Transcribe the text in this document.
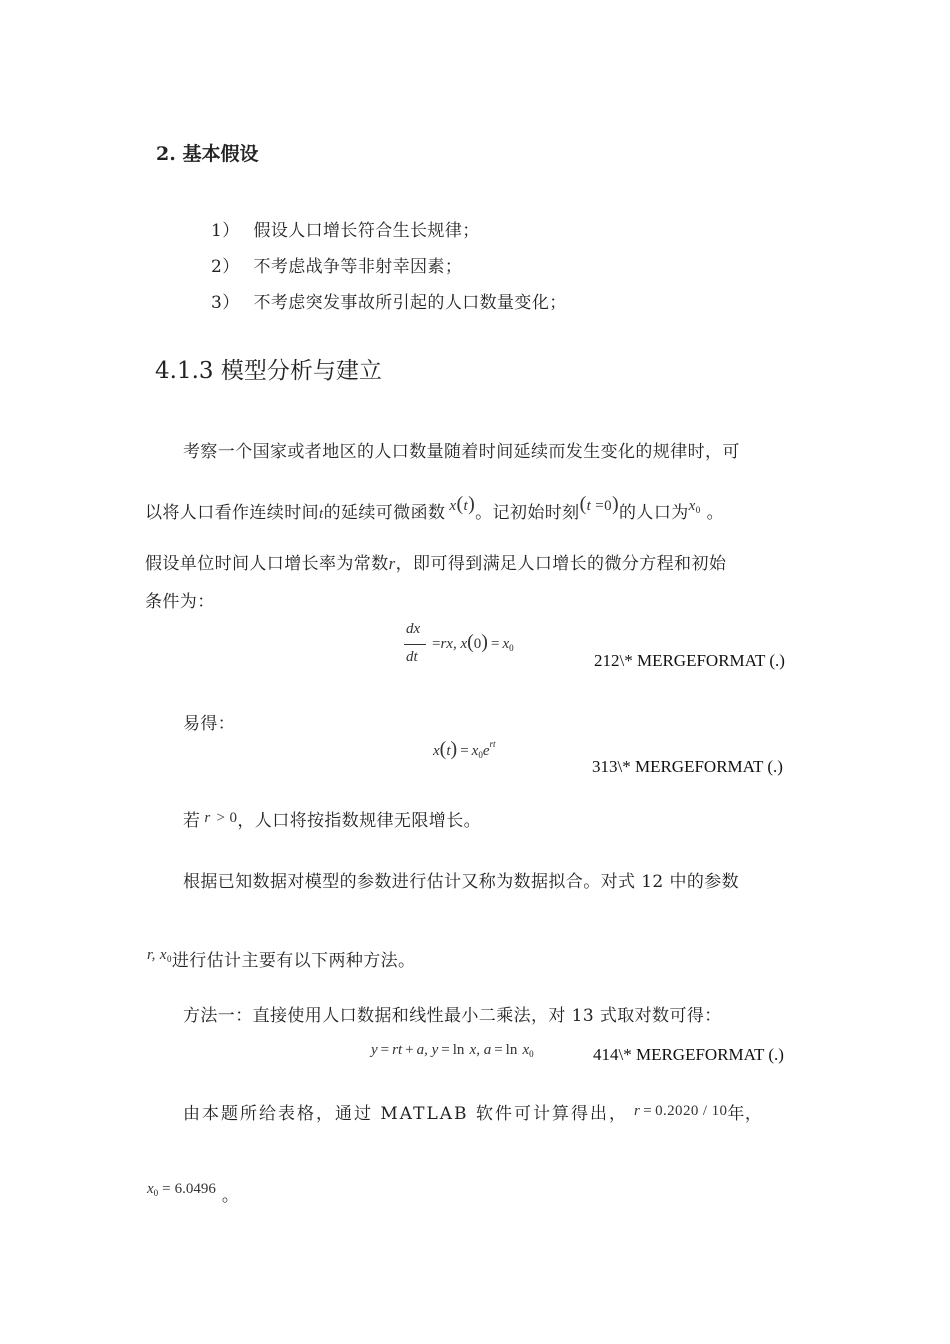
2. 基本假设
1） 假设人口增长符合生长规律；
2） 不考虑战争等非射幸因素；
3） 不考虑突发事故所引起的人口数量变化；
4.1.3 模型分析与建立
考察一个国家或者地区的人口数量随着时间延续而发生变化的规律时，可
以将人口看作连续时间t的延续可微函数 x(t)。记初始时刻(t =0)的人口为$x_0$ 。
假设单位时间人口增长率为常数r，即可得到满足人口增长的微分方程和初始
条件为：
dx
dt
=rx, $x(0) = x_0$
212\* MERGEFORMAT (.)
易得：
$x(t) = x_0e^{rt}$
313\* MERGEFORMAT (.)
若 r > 0，人口将按指数规律无限增长。
根据已知数据对模型的参数进行估计又称为数据拟合。对式 12 中的参数
r, $x_0$进行估计主要有以下两种方法。
方法一：直接使用人口数据和线性最小二乘法，对 13 式取对数可得：
y = rt + a, y = ln x, $a = \ln x_0$	414\* MERGEFORMAT (.)
由本题所给表格，通过 MATLAB 软件可计算得出， r = 0.2020 / 10年，
$x_0 = 6.0496$ 。
